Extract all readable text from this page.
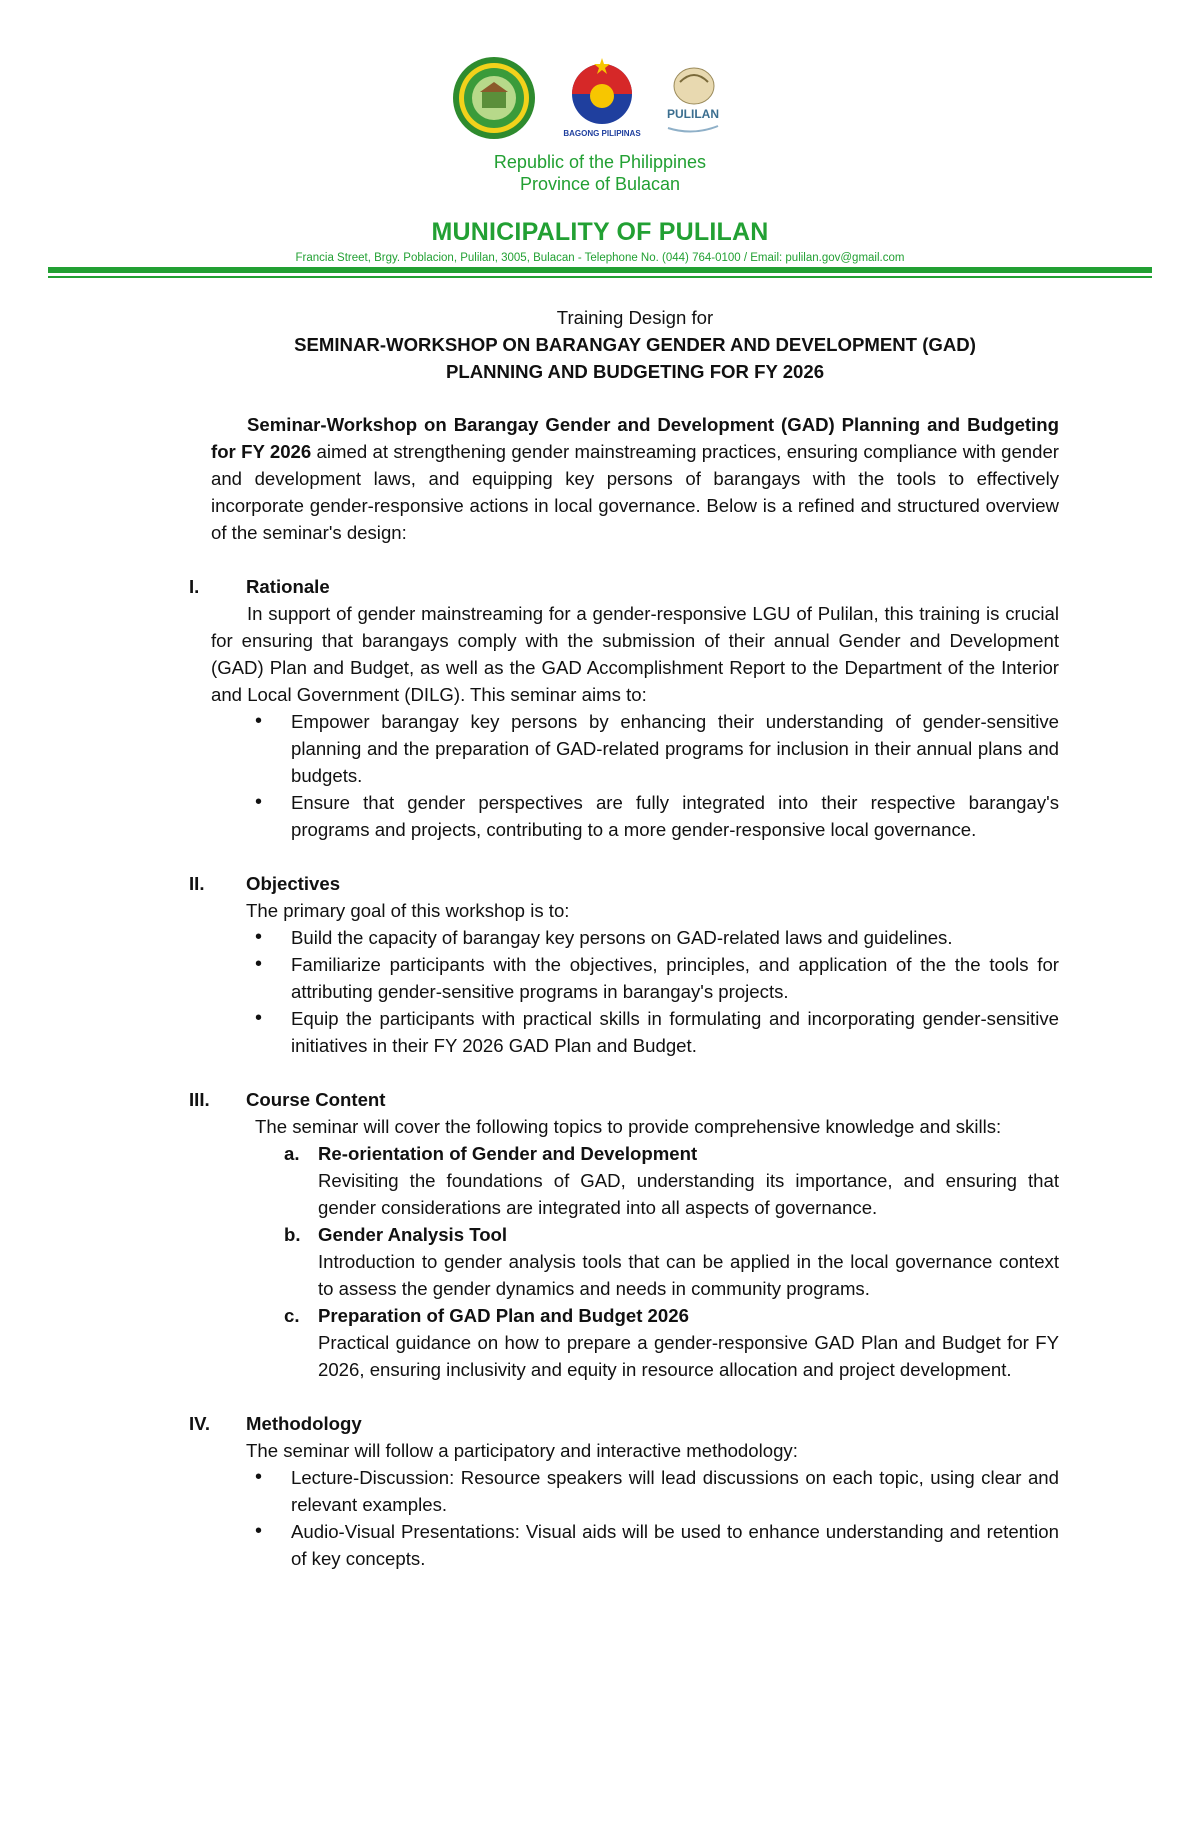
BAGONG PILIPINAS
PULILAN
Republic of the Philippines
Province of Bulacan
MUNICIPALITY OF PULILAN
Francia Street, Brgy. Poblacion, Pulilan, 3005, Bulacan - Telephone No. (044) 764-0100 / Email: pulilan.gov@gmail.com

Training Design for

SEMINAR-WORKSHOP ON BARANGAY GENDER AND DEVELOPMENT (GAD)

PLANNING AND BUDGETING FOR FY 2026

Seminar-Workshop on Barangay Gender and Development (GAD) Planning and Budgeting for FY 2026 aimed at strengthening gender mainstreaming practices, ensuring compliance with gender and development laws, and equipping key persons of barangays with the tools to effectively incorporate gender-responsive actions in local governance. Below is a refined and structured overview of the seminar's design:

I.	Rationale

In support of gender mainstreaming for a gender-responsive LGU of Pulilan, this training is crucial for ensuring that barangays comply with the submission of their annual Gender and Development (GAD) Plan and Budget, as well as the GAD Accomplishment Report to the Department of the Interior and Local Government (DILG). This seminar aims to:

• Empower barangay key persons by enhancing their understanding of gender-sensitive planning and the preparation of GAD-related programs for inclusion in their annual plans and budgets.
• Ensure that gender perspectives are fully integrated into their respective barangay's programs and projects, contributing to a more gender-responsive local governance.
II.	Objectives

The primary goal of this workshop is to:

• Build the capacity of barangay key persons on GAD-related laws and guidelines.
• Familiarize participants with the objectives, principles, and application of the the tools for attributing gender-sensitive programs in barangay's projects.
• Equip the participants with practical skills in formulating and incorporating gender-sensitive initiatives in their FY 2026 GAD Plan and Budget.
III.	Course Content

The seminar will cover the following topics to provide comprehensive knowledge and skills:

a. Re-orientation of Gender and Development
Revisiting the foundations of GAD, understanding its importance, and ensuring that gender considerations are integrated into all aspects of governance.
b. Gender Analysis Tool
Introduction to gender analysis tools that can be applied in the local governance context to assess the gender dynamics and needs in community programs.
c. Preparation of GAD Plan and Budget 2026
Practical guidance on how to prepare a gender-responsive GAD Plan and Budget for FY 2026, ensuring inclusivity and equity in resource allocation and project development.
IV.	Methodology

The seminar will follow a participatory and interactive methodology:

• Lecture-Discussion: Resource speakers will lead discussions on each topic, using clear and relevant examples.
• Audio-Visual Presentations: Visual aids will be used to enhance understanding and retention of key concepts.
